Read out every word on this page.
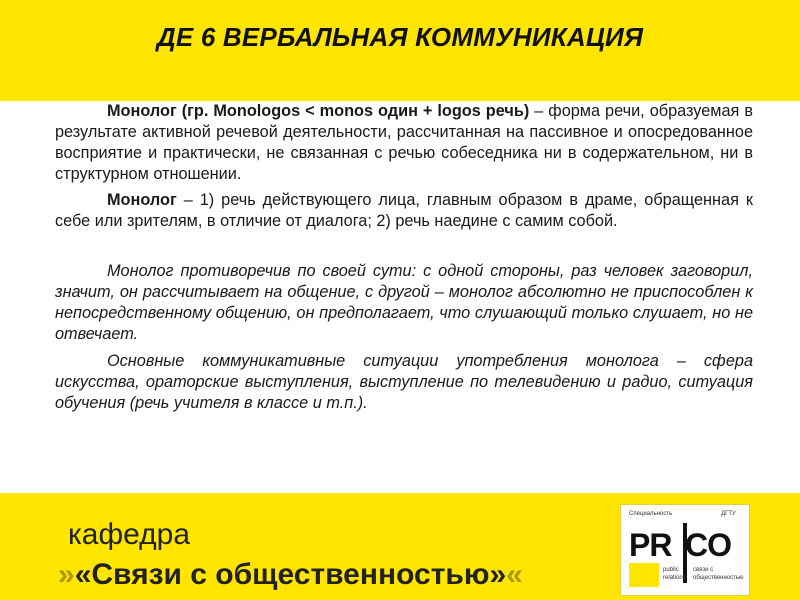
ДЕ 6 ВЕРБАЛЬНАЯ КОММУНИКАЦИЯ

Монолог (гр. Monologos < monos один + logos речь) – форма речи, образуемая в результате активной речевой деятельности, рассчитанная на пассивное и опосредованное восприятие и практически, не связанная с речью собеседника ни в содержательном, ни в структурном отношении.

Монолог – 1) речь действующего лица, главным образом в драме, обращенная к себе или зрителям, в отличие от диалога; 2) речь наедине с самим собой.

Монолог противоречив по своей сути: с одной стороны, раз человек заговорил, значит, он рассчитывает на общение, с другой – монолог абсолютно не приспособлен к непосредственному общению, он предполагает, что слушающий только слушает, но не отвечает.

Основные коммуникативные ситуации употребления монолога – сфера искусства, ораторские выступления, выступление по телевидению и радио, ситуация обучения (речь учителя в классе и т.п.).

кафедра
»«Связи с общественностью»«
Специальность	ДГТУ
PR CO
public
relations
связи с
общественностью
